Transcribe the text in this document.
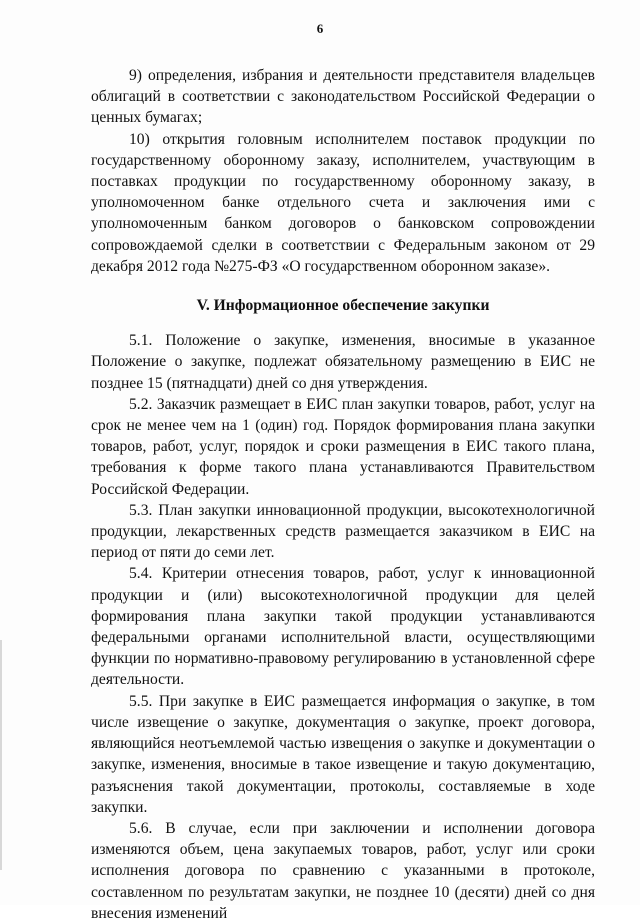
6

9) определения, избрания и деятельности представителя владельцев облигаций в соответствии с законодательством Российской Федерации о ценных бумагах;

10) открытия головным исполнителем поставок продукции по государственному оборонному заказу, исполнителем, участвующим в поставках продукции по государственному оборонному заказу, в уполномоченном банке отдельного счета и заключения ими с уполномоченным банком договоров о банковском сопровождении сопровождаемой сделки в соответствии с Федеральным законом от 29 декабря 2012 года №275-ФЗ «О государственном оборонном заказе».

V. Информационное обеспечение закупки

5.1. Положение о закупке, изменения, вносимые в указанное Положение о закупке, подлежат обязательному размещению в ЕИС не позднее 15 (пятнадцати) дней со дня утверждения.

5.2. Заказчик размещает в ЕИС план закупки товаров, работ, услуг на срок не менее чем на 1 (один) год. Порядок формирования плана закупки товаров, работ, услуг, порядок и сроки размещения в ЕИС такого плана, требования к форме такого плана устанавливаются Правительством Российской Федерации.

5.3. План закупки инновационной продукции, высокотехнологичной продукции, лекарственных средств размещается заказчиком в ЕИС на период от пяти до семи лет.

5.4. Критерии отнесения товаров, работ, услуг к инновационной продукции и (или) высокотехнологичной продукции для целей формирования плана закупки такой продукции устанавливаются федеральными органами исполнительной власти, осуществляющими функции по нормативно-правовому регулированию в установленной сфере деятельности.

5.5. При закупке в ЕИС размещается информация о закупке, в том числе извещение о закупке, документация о закупке, проект договора, являющийся неотъемлемой частью извещения о закупке и документации о закупке, изменения, вносимые в такое извещение и такую документацию, разъяснения такой документации, протоколы, составляемые в ходе закупки.

5.6. В случае, если при заключении и исполнении договора изменяются объем, цена закупаемых товаров, работ, услуг или сроки исполнения договора по сравнению с указанными в протоколе, составленном по результатам закупки, не позднее 10 (десяти) дней со дня внесения изменений
